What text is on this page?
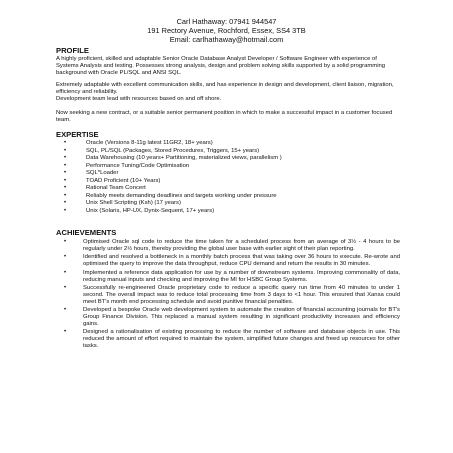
Carl Hathaway: 07941 944547
191 Rectory Avenue, Rochford, Essex, SS4 3TB
Email: carlhathaway@hotmail.com
PROFILE
A highly proficient, skilled and adaptable Senior Oracle Database Analyst Developer / Software Engineer with experience of Systems Analysis and testing. Possesses strong analysis, design and problem solving skills supported by a solid programming background with Oracle PL/SQL and ANSI SQL.
Extremely adaptable with excellent communication skills, and has experience in design and development, client liaison, migration, efficiency and reliability.
Development team lead with resources based on and off shore.
Now seeking a new contract, or a suitable senior permanent position in which to make a successful impact in a customer focused team.
EXPERTISE
• Oracle (Versions 8-11g latest 11GR2, 18+ years)
• SQL, PL/SQL (Packages, Stored Procedures, Triggers, 15+ years)
• Data Warehousing (10 years+ Partitioning, materialized views, parallelism )
• Performance Tuning/Code Optimisation
• SQL*Loader
• TOAD Proficient (10+ Years)
• Rational Team Concert
• Reliably meets demanding deadlines and targets working under pressure
• Unix Shell Scripting (Ksh) (17 years)
• Unix (Solaris, HP-UX, Dynix-Sequent, 17+ years)
ACHIEVEMENTS
• Optimised Oracle sql code to reduce the time taken for a scheduled process from an average of 3½ - 4 hours to be regularly under 2½ hours, thereby providing the global user base with earlier sight of their plan reporting.
• Identified and resolved a bottleneck in a monthly batch process that was taking over 36 hours to execute. Re-wrote and optimised the query to improve the data throughput, reduce CPU demand and return the results in 30 minutes.
• Implemented a reference data application for use by a number of downstream systems. Improving commonality of data, reducing manual inputs and checking and improving the MI for HSBC Group Systems.
• Successfully re-engineered Oracle proprietary code to reduce a specific query run time from 40 minutes to under 1 second. The overall impact was to reduce total processing time from 3 days to <1 hour. This ensured that Xansa could meet BT's month end processing schedule and avoid punitive financial penalties.
• Developed a bespoke Oracle web development system to automate the creation of financial accounting journals for BT's Group Finance Division. This replaced a manual system resulting in significant productivity increases and efficiency gains.
• Designed a rationalisation of existing processing to reduce the number of software and database objects in use. This reduced the amount of effort required to maintain the system, simplified future changes and freed up resources for other tasks.
